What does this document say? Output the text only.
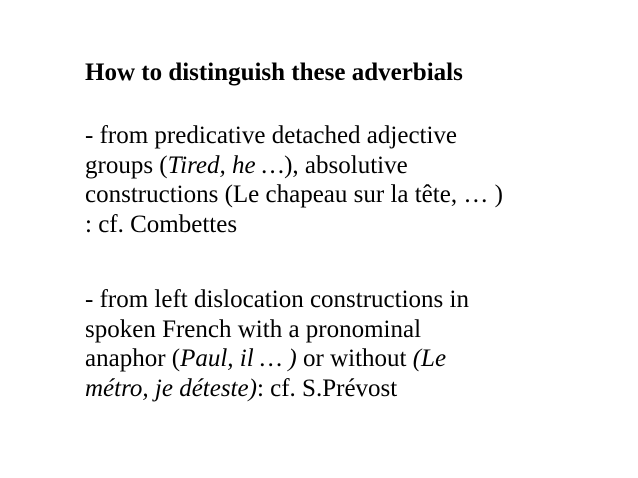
How to distinguish these adverbials
- from predicative detached adjective
groups (Tired, he …), absolutive
constructions (Le chapeau sur la tête, … )
: cf. Combettes
- from left dislocation constructions in
spoken French with a pronominal
anaphor (Paul, il … ) or without (Le
métro, je déteste): cf. S.Prévost
